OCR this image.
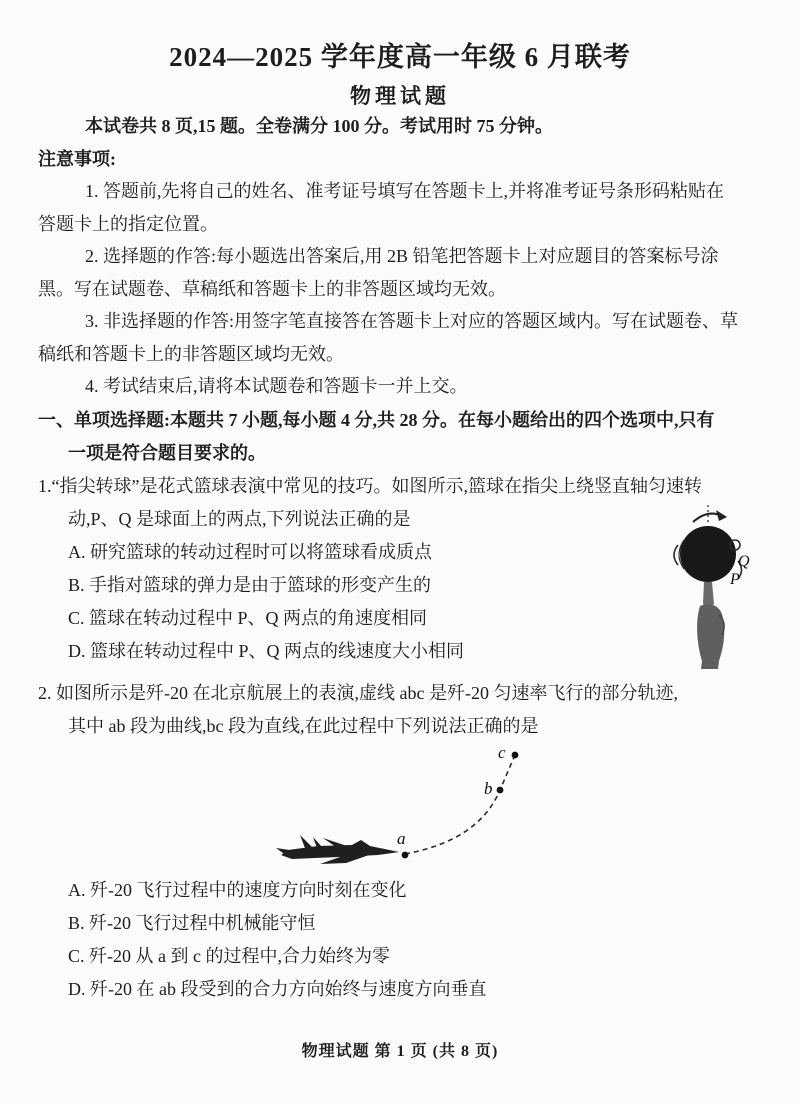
2024—2025 学年度高一年级 6 月联考
物理试题
本试卷共 8 页,15 题。全卷满分 100 分。考试用时 75 分钟。
注意事项:
1. 答题前,先将自己的姓名、准考证号填写在答题卡上,并将准考证号条形码粘贴在
答题卡上的指定位置。
2. 选择题的作答:每小题选出答案后,用 2B 铅笔把答题卡上对应题目的答案标号涂
黑。写在试题卷、草稿纸和答题卡上的非答题区域均无效。
3. 非选择题的作答:用签字笔直接答在答题卡上对应的答题区域内。写在试题卷、草
稿纸和答题卡上的非答题区域均无效。
4. 考试结束后,请将本试题卷和答题卡一并上交。
一、单项选择题:本题共 7 小题,每小题 4 分,共 28 分。在每小题给出的四个选项中,只有
一项是符合题目要求的。
1.“指尖转球”是花式篮球表演中常见的技巧。如图所示,篮球在指尖上绕竖直轴匀速转
动,P、Q 是球面上的两点,下列说法正确的是
A. 研究篮球的转动过程时可以将篮球看成质点
B. 手指对篮球的弹力是由于篮球的形变产生的
C. 篮球在转动过程中 P、Q 两点的角速度相同
D. 篮球在转动过程中 P、Q 两点的线速度大小相同
Q
P
2. 如图所示是歼-20 在北京航展上的表演,虚线 abc 是歼-20 匀速率飞行的部分轨迹,
其中 ab 段为曲线,bc 段为直线,在此过程中下列说法正确的是
a
b
c
A. 歼-20 飞行过程中的速度方向时刻在变化
B. 歼-20 飞行过程中机械能守恒
C. 歼-20 从 a 到 c 的过程中,合力始终为零
D. 歼-20 在 ab 段受到的合力方向始终与速度方向垂直
物理试题 第 1 页 (共 8 页)
